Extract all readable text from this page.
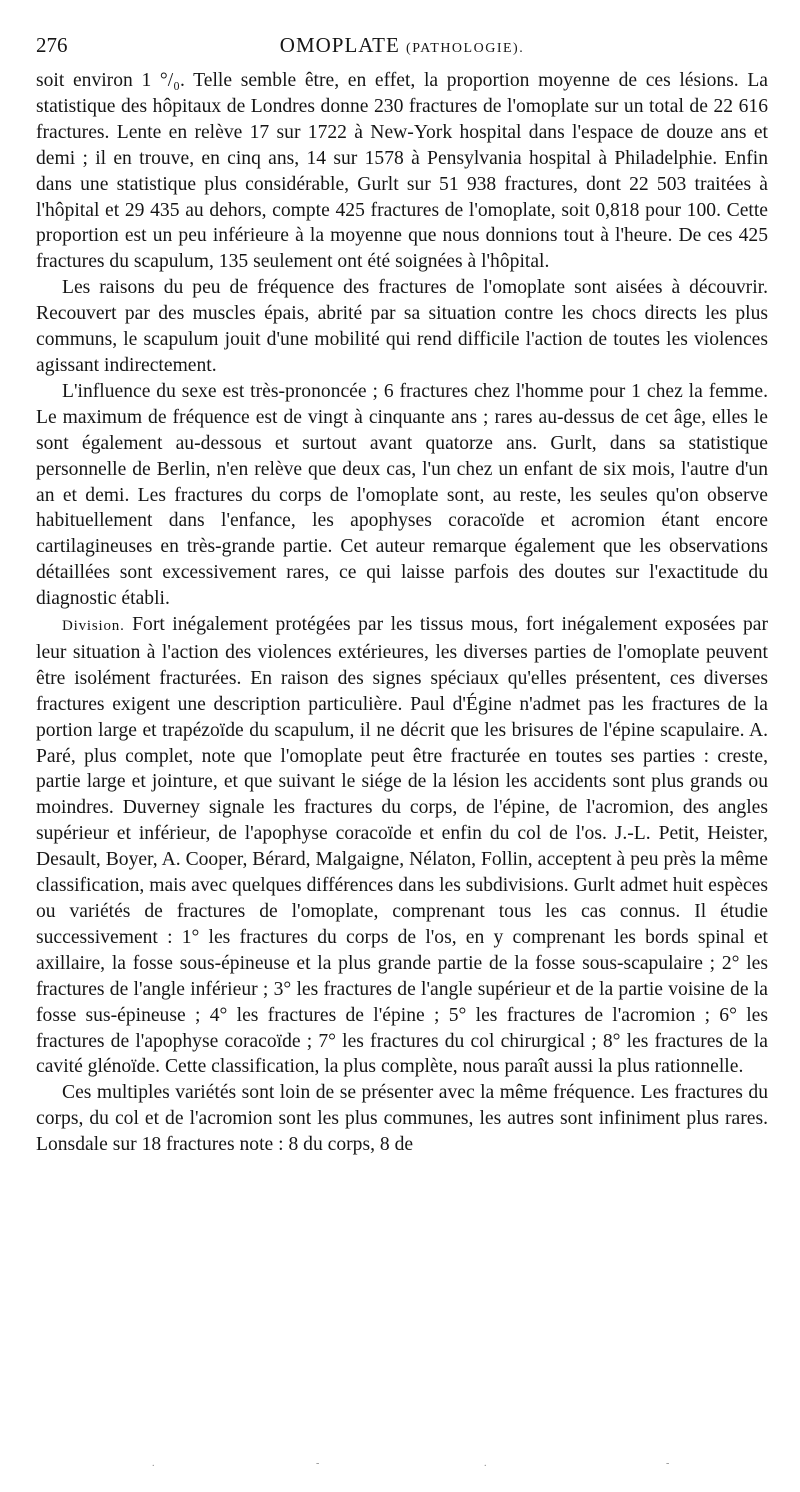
276	OMOPLATE (PATHOLOGIE).

soit environ 1 °/₀. Telle semble être, en effet, la proportion moyenne de ces lésions. La statistique des hôpitaux de Londres donne 230 fractures de l'omoplate sur un total de 22 616 fractures. Lente en relève 17 sur 1722 à New-York hospital dans l'espace de douze ans et demi ; il en trouve, en cinq ans, 14 sur 1578 à Pensylvania hospital à Philadelphie. Enfin dans une statistique plus considérable, Gurlt sur 51 938 fractures, dont 22 503 traitées à l'hôpital et 29 435 au dehors, compte 425 fractures de l'omoplate, soit 0,818 pour 100. Cette proportion est un peu inférieure à la moyenne que nous donnions tout à l'heure. De ces 425 fractures du scapulum, 135 seulement ont été soignées à l'hôpital.

Les raisons du peu de fréquence des fractures de l'omoplate sont aisées à découvrir. Recouvert par des muscles épais, abrité par sa situation contre les chocs directs les plus communs, le scapulum jouit d'une mobilité qui rend difficile l'action de toutes les violences agissant indirectement.

L'influence du sexe est très-prononcée ; 6 fractures chez l'homme pour 1 chez la femme. Le maximum de fréquence est de vingt à cinquante ans ; rares au-dessus de cet âge, elles le sont également au-dessous et surtout avant quatorze ans. Gurlt, dans sa statistique personnelle de Berlin, n'en relève que deux cas, l'un chez un enfant de six mois, l'autre d'un an et demi. Les fractures du corps de l'omoplate sont, au reste, les seules qu'on observe habituellement dans l'enfance, les apophyses coracoïde et acromion étant encore cartilagineuses en très-grande partie. Cet auteur remarque également que les observations détaillées sont excessivement rares, ce qui laisse parfois des doutes sur l'exactitude du diagnostic établi.

Division. Fort inégalement protégées par les tissus mous, fort inégalement exposées par leur situation à l'action des violences extérieures, les diverses parties de l'omoplate peuvent être isolément fracturées. En raison des signes spéciaux qu'elles présentent, ces diverses fractures exigent une description particulière. Paul d'Égine n'admet pas les fractures de la portion large et trapézoïde du scapulum, il ne décrit que les brisures de l'épine scapulaire. A. Paré, plus complet, note que l'omoplate peut être fracturée en toutes ses parties : creste, partie large et jointure, et que suivant le siége de la lésion les accidents sont plus grands ou moindres. Duverney signale les fractures du corps, de l'épine, de l'acromion, des angles supérieur et inférieur, de l'apophyse coracoïde et enfin du col de l'os. J.-L. Petit, Heister, Desault, Boyer, A. Cooper, Bérard, Malgaigne, Nélaton, Follin, acceptent à peu près la même classification, mais avec quelques différences dans les subdivisions. Gurlt admet huit espèces ou variétés de fractures de l'omoplate, comprenant tous les cas connus. Il étudie successivement : 1° les fractures du corps de l'os, en y comprenant les bords spinal et axillaire, la fosse sous-épineuse et la plus grande partie de la fosse sous-scapulaire ; 2° les fractures de l'angle inférieur ; 3° les fractures de l'angle supérieur et de la partie voisine de la fosse sus-épineuse ; 4° les fractures de l'épine ; 5° les fractures de l'acromion ; 6° les fractures de l'apophyse coracoïde ; 7° les fractures du col chirurgical ; 8° les fractures de la cavité glénoïde. Cette classification, la plus complète, nous paraît aussi la plus rationnelle.

Ces multiples variétés sont loin de se présenter avec la même fréquence. Les fractures du corps, du col et de l'acromion sont les plus communes, les autres sont infiniment plus rares. Lonsdale sur 18 fractures note : 8 du corps, 8 de

.	-	.	-
